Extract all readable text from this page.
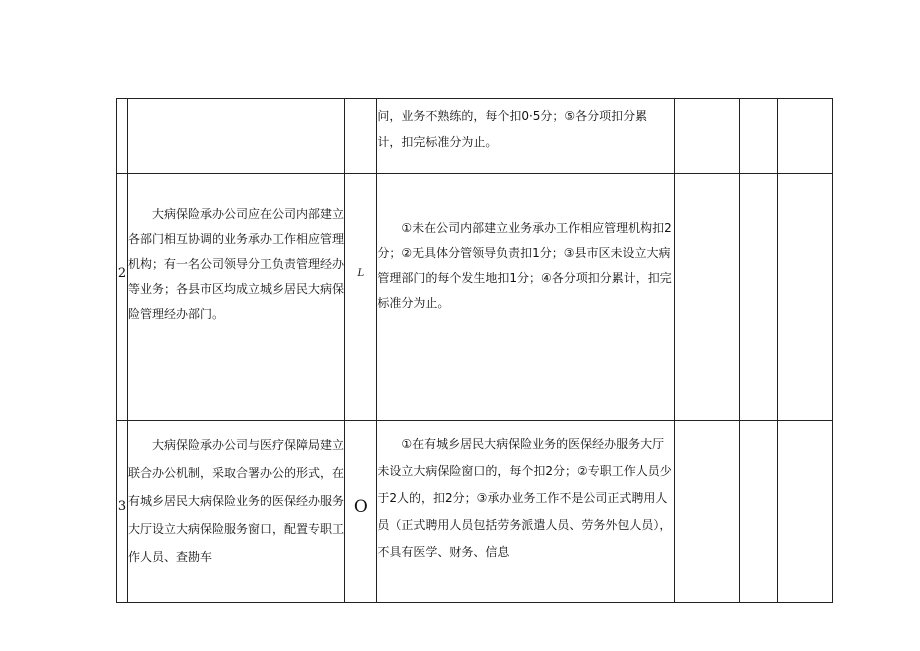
			问，业务不熟练的，每个扣0·5分；⑤各分项扣分累计，扣完标准分为止。			

2	大病保险承办公司应在公司内部建立各部门相互协调的业务承办工作相应管理机构；有一名公司领导分工负责管理经办等业务；各县市区均成立城乡居民大病保险管理经办部门。	L	①未在公司内部建立业务承办工作相应管理机构扣2分；②无具体分管领导负责扣1分；③县市区未设立大病管理部门的每个发生地扣1分；④各分项扣分累计，扣完标准分为止。			

3	大病保险承办公司与医疗保障局建立联合办公机制，采取合署办公的形式，在有城乡居民大病保险业务的医保经办服务大厅设立大病保险服务窗口，配置专职工作人员、查勘车	O	①在有城乡居民大病保险业务的医保经办服务大厅未设立大病保险窗口的，每个扣2分；②专职工作人员少于2人的，扣2分；③承办业务工作不是公司正式聘用人员（正式聘用人员包括劳务派遣人员、劳务外包人员），不具有医学、财务、信息			
